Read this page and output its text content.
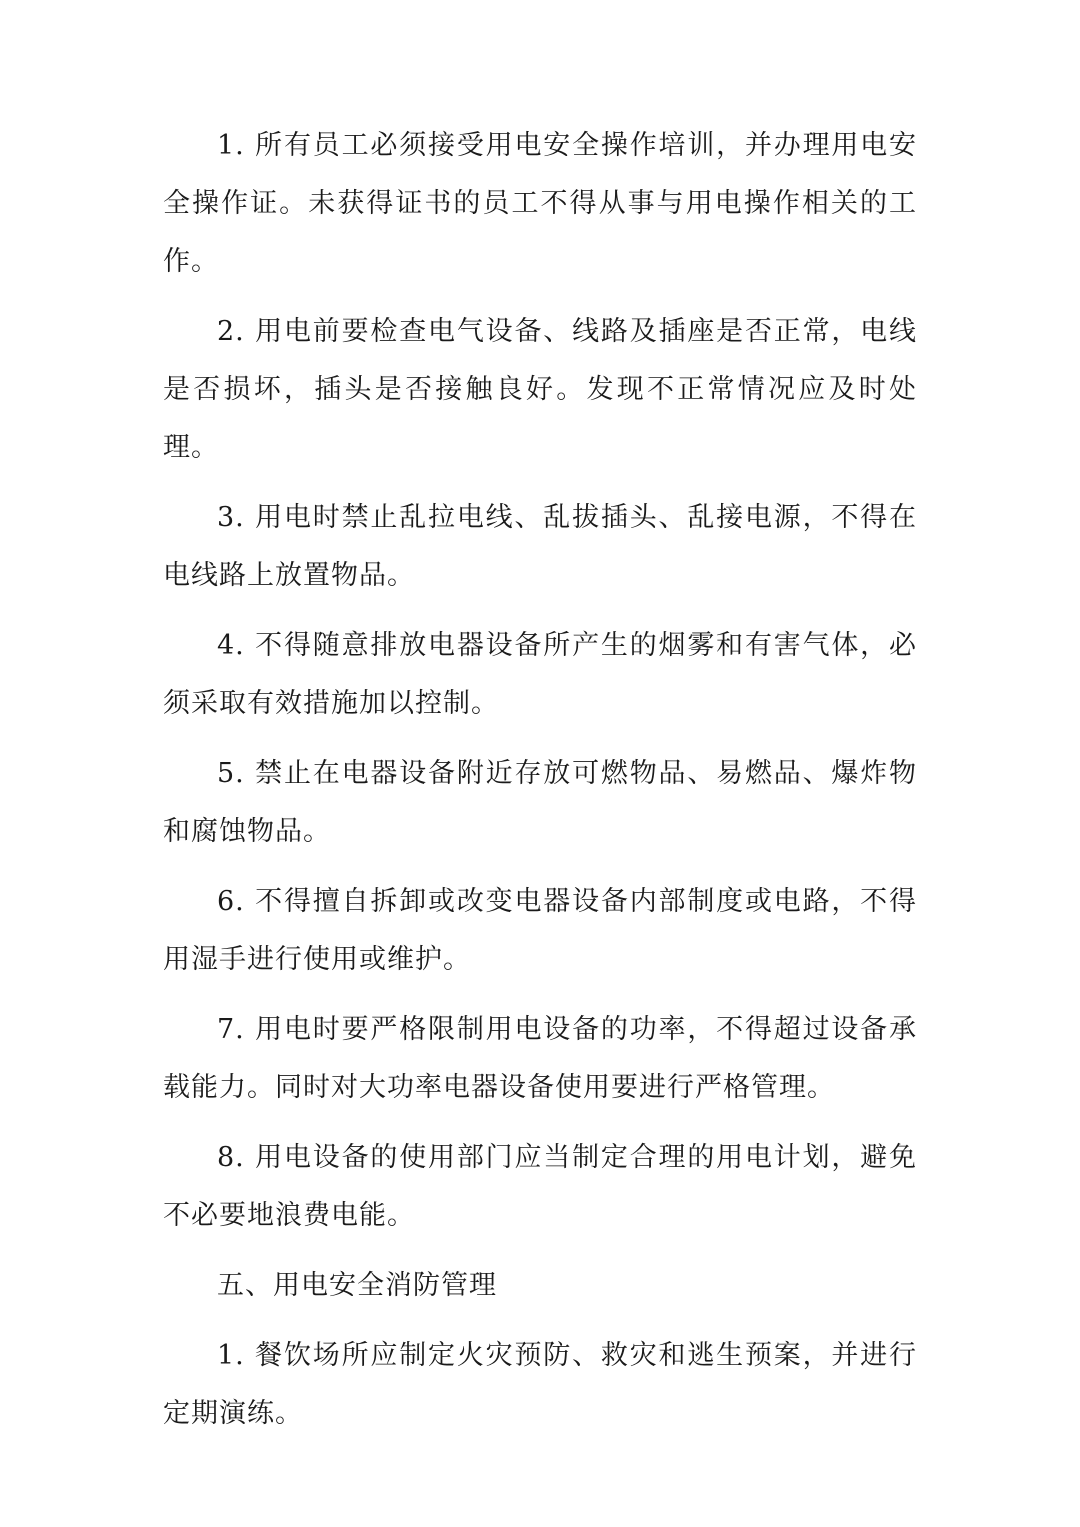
1. 所有员工必须接受用电安全操作培训，并办理用电安全操作证。未获得证书的员工不得从事与用电操作相关的工作。

2. 用电前要检查电气设备、线路及插座是否正常，电线是否损坏，插头是否接触良好。发现不正常情况应及时处理。

3. 用电时禁止乱拉电线、乱拔插头、乱接电源，不得在电线路上放置物品。

4. 不得随意排放电器设备所产生的烟雾和有害气体，必须采取有效措施加以控制。

5. 禁止在电器设备附近存放可燃物品、易燃品、爆炸物和腐蚀物品。

6. 不得擅自拆卸或改变电器设备内部制度或电路，不得用湿手进行使用或维护。

7. 用电时要严格限制用电设备的功率，不得超过设备承载能力。同时对大功率电器设备使用要进行严格管理。

8. 用电设备的使用部门应当制定合理的用电计划，避免不必要地浪费电能。

五、用电安全消防管理

1. 餐饮场所应制定火灾预防、救灾和逃生预案，并进行定期演练。
